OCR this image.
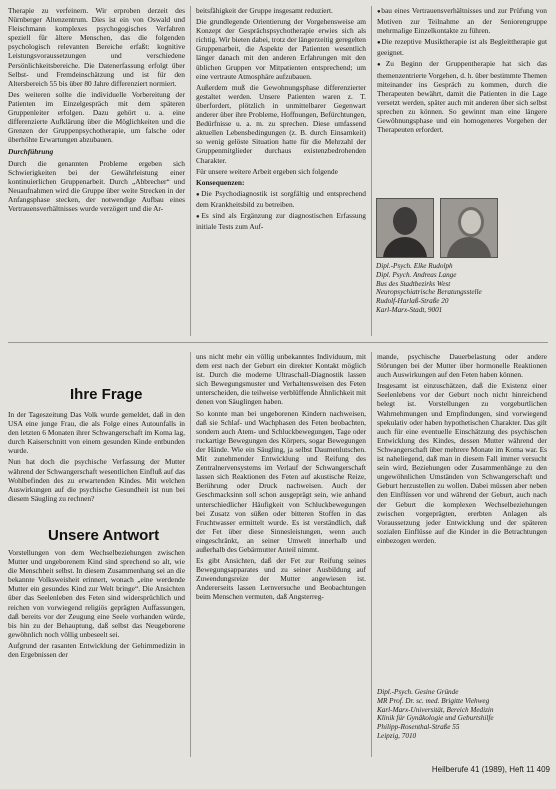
Therapie zu verfeinern. Wir erproben derzeit des Nürnberger Altenzentrum. Dies ist ein von Oswald und Fleischmann komplexes psychogogisches Verfahren speziell für ältere Menschen, das die folgenden psychologisch relevanten Bereiche erfaßt: kognitive Leistungsvoraussetzungen und verschiedene Persönlichkeitsbereiche. Die Datenerfassung erfolgt über Selbst- und Fremdeinschätzung und ist für den Altersbereich 55 bis über 80 Jahre differenziert normiert.

Des weiteren sollte die individuelle Vorbereitung der Patienten im Einzelgespräch mit dem späteren Gruppenleiter erfolgen. Dazu gehört u. a. eine differenzierte Aufklärung über die Möglichkeiten und die Grenzen der Gruppenpsychotherapie, um falsche oder überhöhte Erwartungen abzubauen.

Durchführung

Durch die genannten Probleme ergeben sich Schwierigkeiten bei der Gewährleistung einer kontinuierlichen Gruppenarbeit. Durch „Abbrecher“ und Neuaufnahmen wird die Gruppe über weite Strecken in der Anfangsphase stecken, der notwendige Aufbau eines Vertrauensverhältnisses wurde verzögert und die Ar-

beitsfähigkeit der Gruppe insgesamt reduziert.

Die grundlegende Orientierung der Vorgehensweise am Konzept der Gesprächspsychotherapie erwies sich als richtig. Wir bieten dabei, trotz der längerzeitig geregelten Gruppenarbeit, die Aspekte der Patienten wesentlich länger danach mit den anderen Erfahrungen mit den üblichen Gruppen vor Mitpatienten entsprechend; um eine vertraute Atmosphäre aufzubauen.

Außerdem muß die Gewohnungsphase differenzierter gestaltet werden. Unsere Patienten waren z. T. überfordert, plötzlich in unmittelbarer Gegenwart anderer über ihre Probleme, Hoffnungen, Befürchtungen, Bedürfnisse u. a. m. zu sprechen. Diese umfassend aktuellen Lebensbedingungen (z. B. durch Einsamkeit) so wenig gelöste Situation hatte für die Mehrzahl der Gruppenmitglieder durchaus existenzbedrohenden Charakter.

Für unsere weitere Arbeit ergeben sich folgende

Konsequenzen:

● Die Psychodiagnostik ist sorgfältig und entsprechend dem Krankheitsbild zu betreiben.

● Es sind als Ergänzung zur diagnostischen Erfassung initiale Tests zum Auf-

● bau eines Vertrauensverhältnisses und zur Prüfung von Motiven zur Teilnahme an der Seniorengruppe mehrmalige Einzelkontakte zu führen.

● Die rezeptive Musiktherapie ist als Begleittherapie gut geeignet.

● Zu Beginn der Gruppentherapie hat sich das themenzentrierte Vorgehen, d. h. über bestimmte Themen miteinander ins Gespräch zu kommen, durch die Therapeuten bewährt, damit die Patienten in die Lage versetzt werden, später auch mit anderen über sich selbst sprechen zu können. So gewinnt man eine längere Gewöhnungsphase und ein homogeneres Vorgehen der Therapeuten erfordert.

Dipl.-Psych. Elke Rudolph
Dipl. Psych. Andreas Lange
Bus des Stadtbezirks West
Neuropsychiatrische Beratungsstelle
Rudolf-Harlaß-Straße 20
Karl-Marx-Stadt, 9001
Ihre Frage

In der Tageszeitung Das Volk wurde gemeldet, daß in den USA eine junge Frau, die als Folge eines Autounfalls in den letzten 6 Monaten ihrer Schwangerschaft im Koma lag, durch Kaiserschnitt von einem gesunden Kinde entbunden wurde.

Nun hat doch die psychische Verfassung der Mutter während der Schwangerschaft wesentlichen Einfluß auf das Wohlbefinden des zu erwartenden Kindes. Mit welchen Auswirkungen auf die psychische Gesundheit ist nun bei diesem Säugling zu rechnen?

Unsere Antwort

Vorstellungen von dem Wechselbeziehungen zwischen Mutter und ungeborenem Kind sind sprechend so alt, wie die Menschheit selbst. In diesem Zusammenhang sei an die bekannte Volksweisheit erinnert, wonach „eine werdende Mutter ein gesundes Kind zur Welt bringe“. Die Ansichten über das Seelenleben des Feten sind widersprüchlich und reichen von vorwiegend religiös geprägten Auffassungen, daß bereits vor der Zeugung eine Seele vorhanden würde, bis hin zu der Behauptung, daß selbst das Neugeborene gewöhnlich noch völlig unbeseelt sei.

Aufgrund der rasanten Entwicklung der Gehirnmedizin in den Ergebnissen der

uns nicht mehr ein völlig unbekanntes Individuum, mit dem erst nach der Geburt ein direkter Kontakt möglich ist. Durch die moderne Ultraschall-Diagnostik lassen sich Bewegungsmuster und Verhaltensweisen des Feten unterscheiden, die teilweise verblüffende Ähnlichkeit mit denen von Säuglingen haben.

So konnte man bei ungeborenen Kindern nachweisen, daß sie Schlaf- und Wachphasen des Feten beobachten, sondern auch Atem- und Schluckbewegungen, Tage oder ruckartige Bewegungen des Körpers, sogar Bewegungen der Hände. Wie ein Säugling, ja selbst Daumenlutschen. Mit zunehmender Entwicklung und Reifung des Zentralnervensystems im Verlauf der Schwangerschaft lassen sich Reaktionen des Feten auf akustische Reize, Berührung oder Druck nachweisen. Auch der Geschmacksinn soll schon ausgeprägt sein, wie anhand unterschiedlicher Häufigkeit von Schluckbewegungen bei Zusatz von süßen oder bitteren Stoffen in das Fruchtwasser ermittelt wurde. Es ist verständlich, daß der Fet über diese Sinnesleistungen, wenn auch eingeschränkt, an seiner Umwelt innerhalb und außerhalb des Gebärmutter Anteil nimmt.

Es gibt Ansichten, daß der Fet zur Reifung seines Bewegungsapparates und zu seiner Ausbildung auf Zuwendungsreize der Mutter angewiesen ist. Andererseits lassen Lernversuche und Beobachtungen beim Menschen vermuten, daß Angsterreg-

mande, psychische Dauerbelastung oder andere Störungen bei der Mutter über hormonelle Reaktionen auch Auswirkungen auf den Feten haben können.

Insgesamt ist einzuschätzen, daß die Existenz einer Seelenlebens vor der Geburt noch nicht hinreichend belegt ist. Vorstellungen zu vorgeburtlichen Wahrnehmungen und Empfindungen, sind vorwiegend spekulativ oder haben hypothetischen Charakter. Das gilt auch für eine eventuelle Einschätzung des psychischen Entwicklung des Kindes, dessen Mutter während der Schwangerschaft über mehrere Monate im Koma war. Es ist naheliegend, daß man in diesem Fall immer versucht sein wird, Beziehungen oder Zusammenhänge zu den ungewöhnlichen Umständen von Schwangerschaft und Geburt herzustellen zu wollen. Dabei müssen aber neben den Einflüssen vor und während der Geburt, auch nach der Geburt die komplexen Wechselbeziehungen zwischen vorgeprägten, ererbten Anlagen als Voraussetzung jeder Entwicklung und der späteren sozialen Einflüsse auf die Kinder in die Betrachtungen einbezogen werden.

Dipl.-Psych. Gesine Gründe
MR Prof. Dr. sc. med. Brigitte Viehweg
Karl-Marx-Universität, Bereich Medizin
Klinik für Gynäkologie und Geburtshilfe
Philipp-Rosenthal-Straße 55
Leipzig, 7010
Heilberufe 41 (1989), Heft 11 409
